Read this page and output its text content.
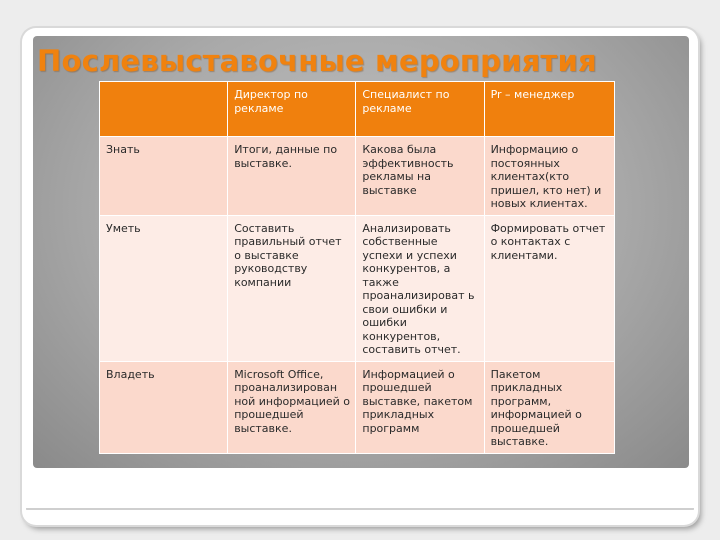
Послевыставочные мероприятия
	Директор по рекламе	Специалист по рекламе	Pr – менеджер
Знать	Итоги, данные по выставке.	Какова была эффективность рекламы на выставке	Информацию о постоянных клиентах(кто пришел, кто нет) и новых клиентах.
Уметь	Составить правильный отчет о выставке руководству компании	Анализировать собственные успехи и успехи конкурентов, а также проанализироват ь свои ошибки и ошибки конкурентов, составить отчет.	Формировать отчет о контактах с клиентами.
Владеть	Microsoft Office, проанализирован ной информацией о прошедшей выставке.	Информацией о прошедшей выставке, пакетом прикладных программ	Пакетом прикладных программ, информацией о прошедшей выставке.
